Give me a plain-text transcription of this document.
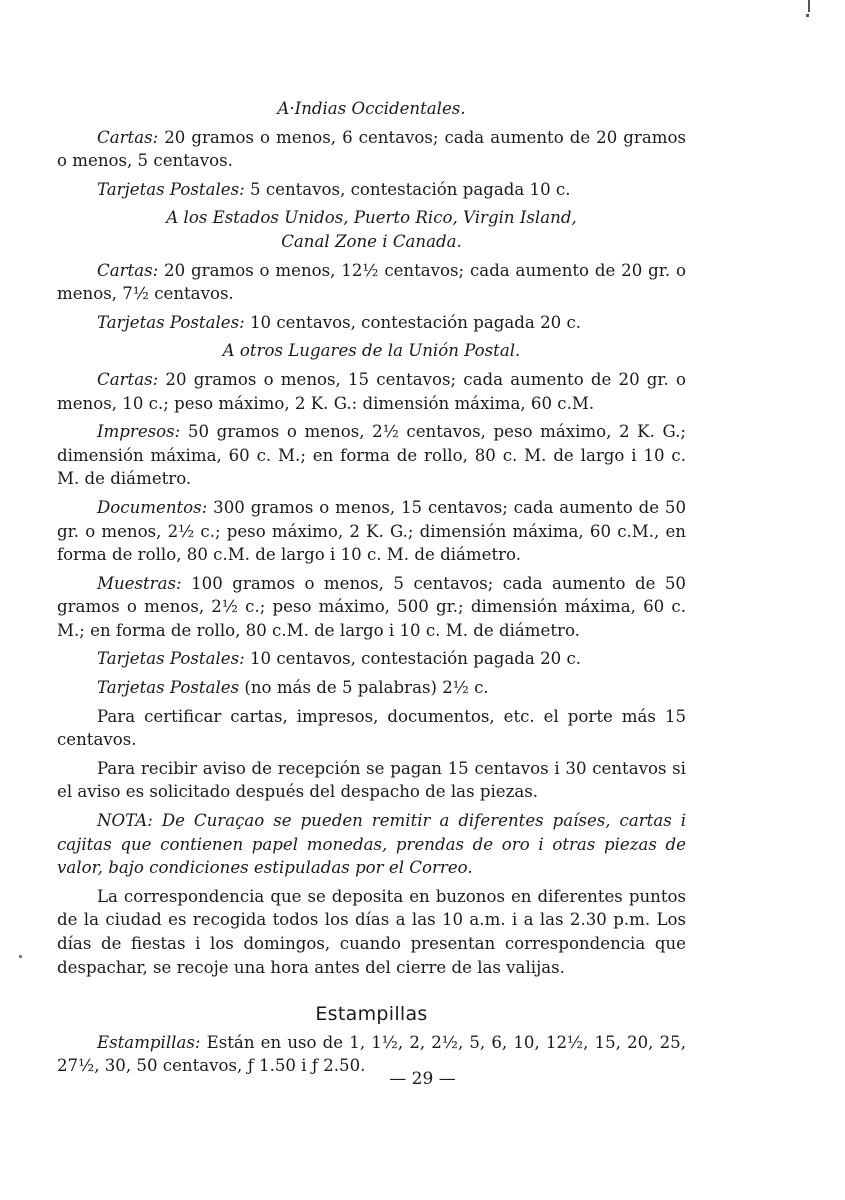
A·Indias Occidentales.

Cartas: 20 gramos o menos, 6 centavos; cada aumento de 20 gramos o menos, 5 centavos.

Tarjetas Postales: 5 centavos, contestación pagada 10 c.

A los Estados Unidos, Puerto Rico, Virgin Island,

Canal Zone i Canada.

Cartas: 20 gramos o menos, 12½ centavos; cada aumento de 20 gr. o menos, 7½ centavos.

Tarjetas Postales: 10 centavos, contestación pagada 20 c.

A otros Lugares de la Unión Postal.

Cartas: 20 gramos o menos, 15 centavos; cada aumento de 20 gr. o menos, 10 c.; peso máximo, 2 K. G.: dimensión máxima, 60 c.M.

Impresos: 50 gramos o menos, 2½ centavos, peso máximo, 2 K. G.; dimensión máxima, 60 c. M.; en forma de rollo, 80 c. M. de largo i 10 c. M. de diámetro.

Documentos: 300 gramos o menos, 15 centavos; cada aumento de 50 gr. o menos, 2½ c.; peso máximo, 2 K. G.; dimensión máxima, 60 c.M., en forma de rollo, 80 c.M. de largo i 10 c. M. de diámetro.

Muestras: 100 gramos o menos, 5 centavos; cada aumento de 50 gramos o menos, 2½ c.; peso máximo, 500 gr.; dimensión máxima, 60 c. M.; en forma de rollo, 80 c.M. de largo i 10 c. M. de diámetro.

Tarjetas Postales: 10 centavos, contestación pagada 20 c.

Tarjetas Postales (no más de 5 palabras) 2½ c.

Para certificar cartas, impresos, documentos, etc. el porte más 15 centavos.

Para recibir aviso de recepción se pagan 15 centavos i 30 centavos si el aviso es solicitado después del despacho de las piezas.

NOTA: De Curaçao se pueden remitir a diferentes países, cartas i cajitas que contienen papel monedas, prendas de oro i otras piezas de valor, bajo condiciones estipuladas por el Correo.

La correspondencia que se deposita en buzonos en diferentes puntos de la ciudad es recogida todos los días a las 10 a.m. i a las 2.30 p.m. Los días de fiestas i los domingos, cuando presentan correspondencia que despachar, se recoje una hora antes del cierre de las valijas.

Estampillas

Estampillas: Están en uso de 1, 1½, 2, 2½, 5, 6, 10, 12½, 15, 20, 25, 27½, 30, 50 centavos, ƒ 1.50 i ƒ 2.50.

— 29 —
